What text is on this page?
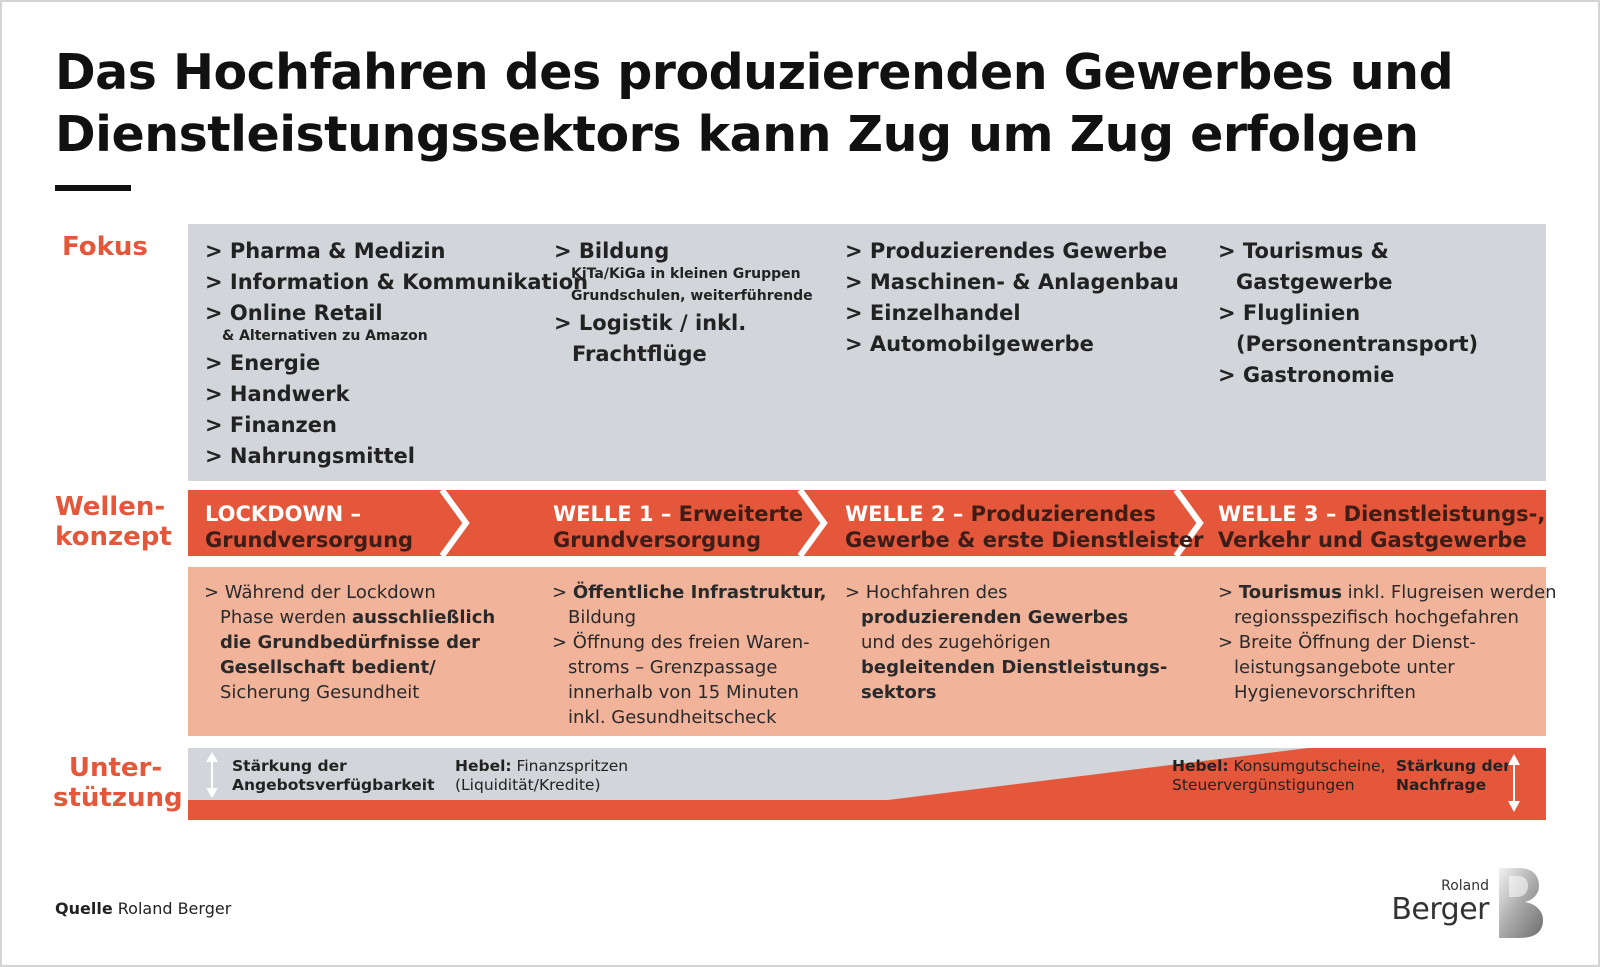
Das Hochfahren des produzierenden Gewerbes und
Dienstleistungssektors kann Zug um Zug erfolgen
Fokus
Wellen-
konzept
Unter-
stützung
> Pharma & Medizin
> Information & Kommunikation
> Online Retail
& Alternativen zu Amazon
> Energie
> Handwerk
> Finanzen
> Nahrungsmittel
> Bildung
KiTa/KiGa in kleinen Gruppen
Grundschulen, weiterführende
> Logistik / inkl.
Frachtflüge
> Produzierendes Gewerbe
> Maschinen- & Anlagenbau
> Einzelhandel
> Automobilgewerbe
> Tourismus &
Gastgewerbe
> Fluglinien
(Personentransport)
> Gastronomie
LOCKDOWN –
Grundversorgung
WELLE 1 – Erweiterte
Grundversorgung
WELLE 2 – Produzierendes
Gewerbe & erste Dienstleister
WELLE 3 – Dienstleistungs-,
Verkehr und Gastgewerbe
> Während der Lockdown
Phase werden ausschließlich
die Grundbedürfnisse der
Gesellschaft bedient/
Sicherung Gesundheit
> Öffentliche Infrastruktur,
Bildung
> Öffnung des freien Waren-
stroms – Grenzpassage
innerhalb von 15 Minuten
inkl. Gesundheitscheck
> Hochfahren des
produzierenden Gewerbes
und des zugehörigen
begleitenden Dienstleistungs-
sektors
> Tourismus inkl. Flugreisen werden
regionsspezifisch hochgefahren
> Breite Öffnung der Dienst-
leistungsangebote unter
Hygienevorschriften
Stärkung der
Angebotsverfügbarkeit
Hebel: Finanzspritzen
(Liquidität/Kredite)
Hebel: Konsumgutscheine,
Steuervergünstigungen
Stärkung der
Nachfrage
Quelle Roland Berger
Roland
Berger
